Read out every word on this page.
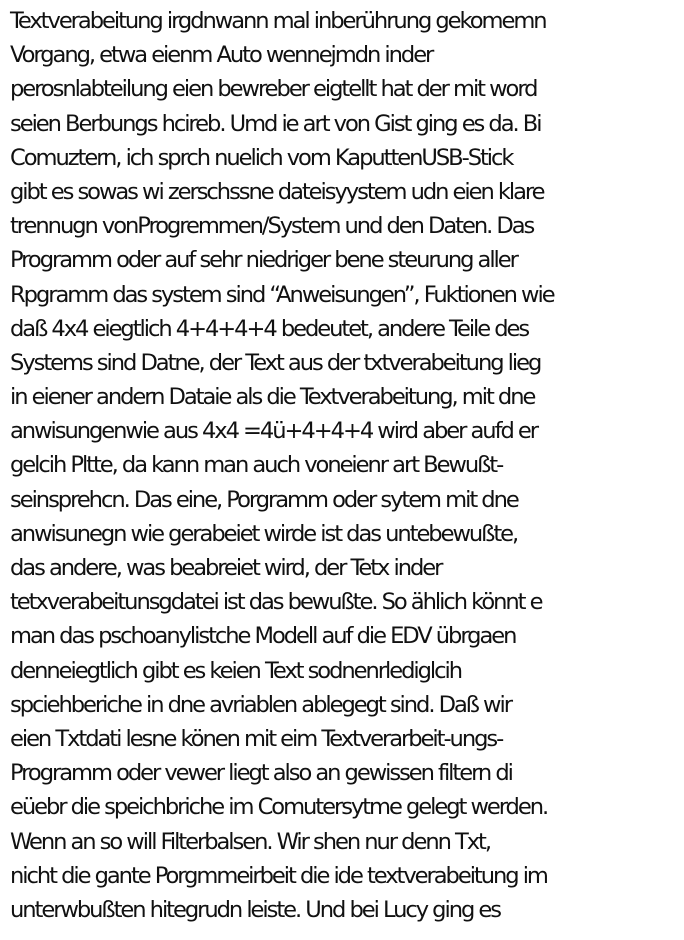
Textverabeitung irgdnwann mal inberührung gekomemn
Vorgang, etwa eienm Auto wennejmdn inder
perosnlabteilung eien bewreber eigtellt hat der mit word
seien Berbungs hcireb. Umd ie art von Gist ging es da. Bi
Comuztern, ich sprch nuelich vom KaputtenUSB-Stick
gibt es sowas wi zerschssne dateisyystem udn eien klare
trennugn vonProgremmen/System und den Daten. Das
Programm oder auf sehr niedriger bene steurung aller
Rpgramm das system sind “Anweisungen”, Fuktionen wie
daß 4x4 eiegtlich 4+4+4+4 bedeutet, andere Teile des
Systems sind Datne, der Text aus der txtverabeitung lieg
in eiener andern Dataie als die Textverabeitung, mit dne
anwisungenwie aus 4x4 =4ü+4+4+4 wird aber aufd er
gelcih Pltte, da kann man auch voneienr art Bewußt-
seinsprehcn. Das eine, Porgramm oder sytem mit dne
anwisunegn wie gerabeiet wirde ist das untebewußte,
das andere, was beabreiet wird, der Tetx inder
tetxverabeitunsgdatei ist das bewußte. So ählich könnt e
man das pschoanylistche Modell auf die EDV übrgaen
denneiegtlich gibt es keien Text sodnenrlediglcih
spciehberiche in dne avriablen ablegegt sind. Daß wir
eien Txtdati lesne könen mit eim Textverarbeit-ungs-
Programm oder vewer liegt also an gewissen filtern di
eüebr die speichbriche im Comutersytme gelegt werden.
Wenn an so will Filterbalsen. Wir shen nur denn Txt,
nicht die gante Porgmmeirbeit die ide textverabeitung im
unterwbußten hitegrudn leiste. Und bei Lucy ging es
